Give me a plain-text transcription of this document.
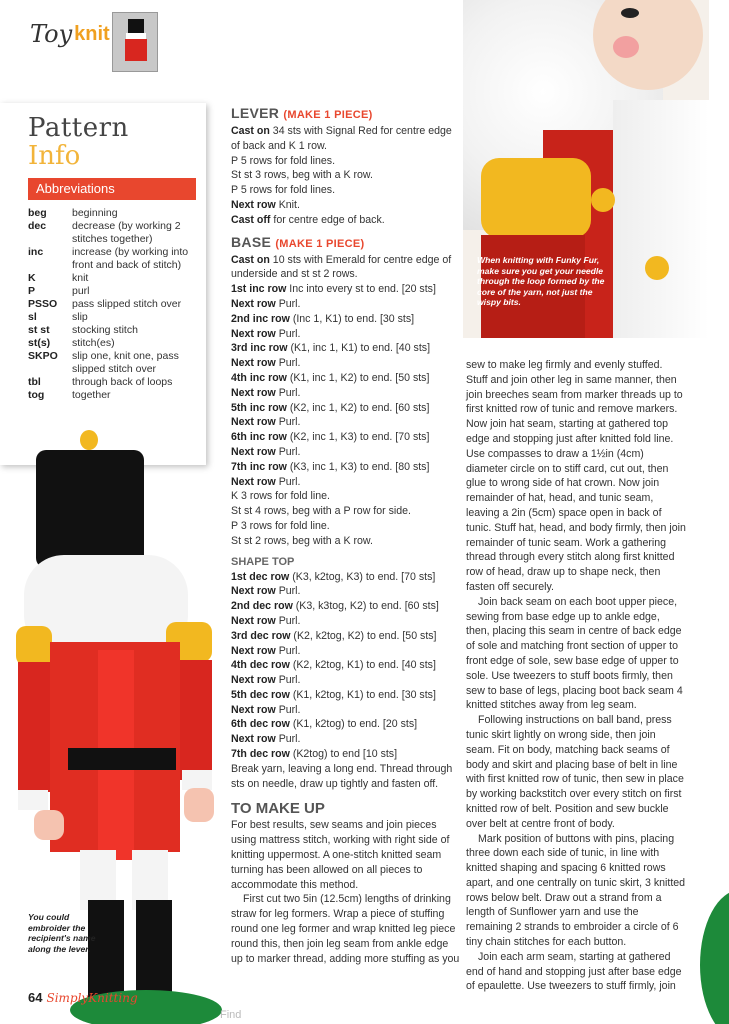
Toy knit
Pattern
Info
Abbreviations
beg	beginning
dec	decrease (by working 2 stitches together)
inc	increase (by working into front and back of stitch)
K	knit
P	purl
PSSO	pass slipped stitch over
sl	slip
st st	stocking stitch
st(s)	stitch(es)
SKPO	slip one, knit one, pass slipped stitch over
tbl	through back of loops
tog	together
When knitting with Funky Fur, make sure you get your needle through the loop formed by the core of the yarn, not just the wispy bits.
You could embroider the recipient's name along the lever.
LEVER (MAKE 1 PIECE)
Cast on 34 sts with Signal Red for centre edge of back and K 1 row.
P 5 rows for fold lines.
St st 3 rows, beg with a K row.
P 5 rows for fold lines.
Next row Knit.
Cast off for centre edge of back.
BASE (MAKE 1 PIECE)
Cast on 10 sts with Emerald for centre edge of underside and st st 2 rows.
1st inc row Inc into every st to end. [20 sts]
Next row Purl.
2nd inc row (Inc 1, K1) to end. [30 sts]
Next row Purl.
3rd inc row (K1, inc 1, K1) to end. [40 sts]
Next row Purl.
4th inc row (K1, inc 1, K2) to end. [50 sts]
Next row Purl.
5th inc row (K2, inc 1, K2) to end. [60 sts]
Next row Purl.
6th inc row (K2, inc 1, K3) to end. [70 sts]
Next row Purl.
7th inc row (K3, inc 1, K3) to end. [80 sts]
Next row Purl.
K 3 rows for fold line.
St st 4 rows, beg with a P row for side.
P 3 rows for fold line.
St st 2 rows, beg with a K row.
SHAPE TOP
1st dec row (K3, k2tog, K3) to end. [70 sts]
Next row Purl.
2nd dec row (K3, k3tog, K2) to end. [60 sts]
Next row Purl.
3rd dec row (K2, k2tog, K2) to end. [50 sts]
Next row Purl.
4th dec row (K2, k2tog, K1) to end. [40 sts]
Next row Purl.
5th dec row (K1, k2tog, K1) to end. [30 sts]
Next row Purl.
6th dec row (K1, k2tog) to end. [20 sts]
Next row Purl.
7th dec row (K2tog) to end [10 sts]
Break yarn, leaving a long end. Thread through sts on needle, draw up tightly and fasten off.
TO MAKE UP
For best results, sew seams and join pieces using mattress stitch, working with right side of knitting uppermost. A one-stitch knitted seam turning has been allowed on all pieces to accommodate this method.
First cut two 5in (12.5cm) lengths of drinking straw for leg formers. Wrap a piece of stuffing round one leg former and wrap knitted leg piece round this, then join leg seam from ankle edge up to marker thread, adding more stuffing as you
sew to make leg firmly and evenly stuffed. Stuff and join other leg in same manner, then join breeches seam from marker threads up to first knitted row of tunic and remove markers. Now join hat seam, starting at gathered top edge and stopping just after knitted fold line. Use compasses to draw a 1½in (4cm) diameter circle on to stiff card, cut out, then glue to wrong side of hat crown. Now join remainder of hat, head, and tunic seam, leaving a 2in (5cm) space open in back of tunic. Stuff hat, head, and body firmly, then join remainder of tunic seam. Work a gathering thread through every stitch along first knitted row of head, draw up to shape neck, then fasten off securely.
Join back seam on each boot upper piece, sewing from base edge up to ankle edge, then, placing this seam in centre of back edge of sole and matching front section of upper to front edge of sole, sew base edge of upper to sole. Use tweezers to stuff boots firmly, then sew to base of legs, placing boot back seam 4 knitted stitches away from leg seam.
Following instructions on ball band, press tunic skirt lightly on wrong side, then join seam. Fit on body, matching back seams of body and skirt and placing base of belt in line with first knitted row of tunic, then sew in place by working backstitch over every stitch on first knitted row of belt. Position and sew buckle over belt at centre front of body.
Mark position of buttons with pins, placing three down each side of tunic, in line with knitted shaping and spacing 6 knitted rows apart, and one centrally on tunic skirt, 3 knitted rows below belt. Draw out a strand from a length of Sunflower yarn and use the remaining 2 strands to embroider a circle of 6 tiny chain stitches for each button.
Join each arm seam, starting at gathered end of hand and stopping just after base edge of epaulette. Use tweezers to stuff firmly, join
64 SimplyKnitting
Find
